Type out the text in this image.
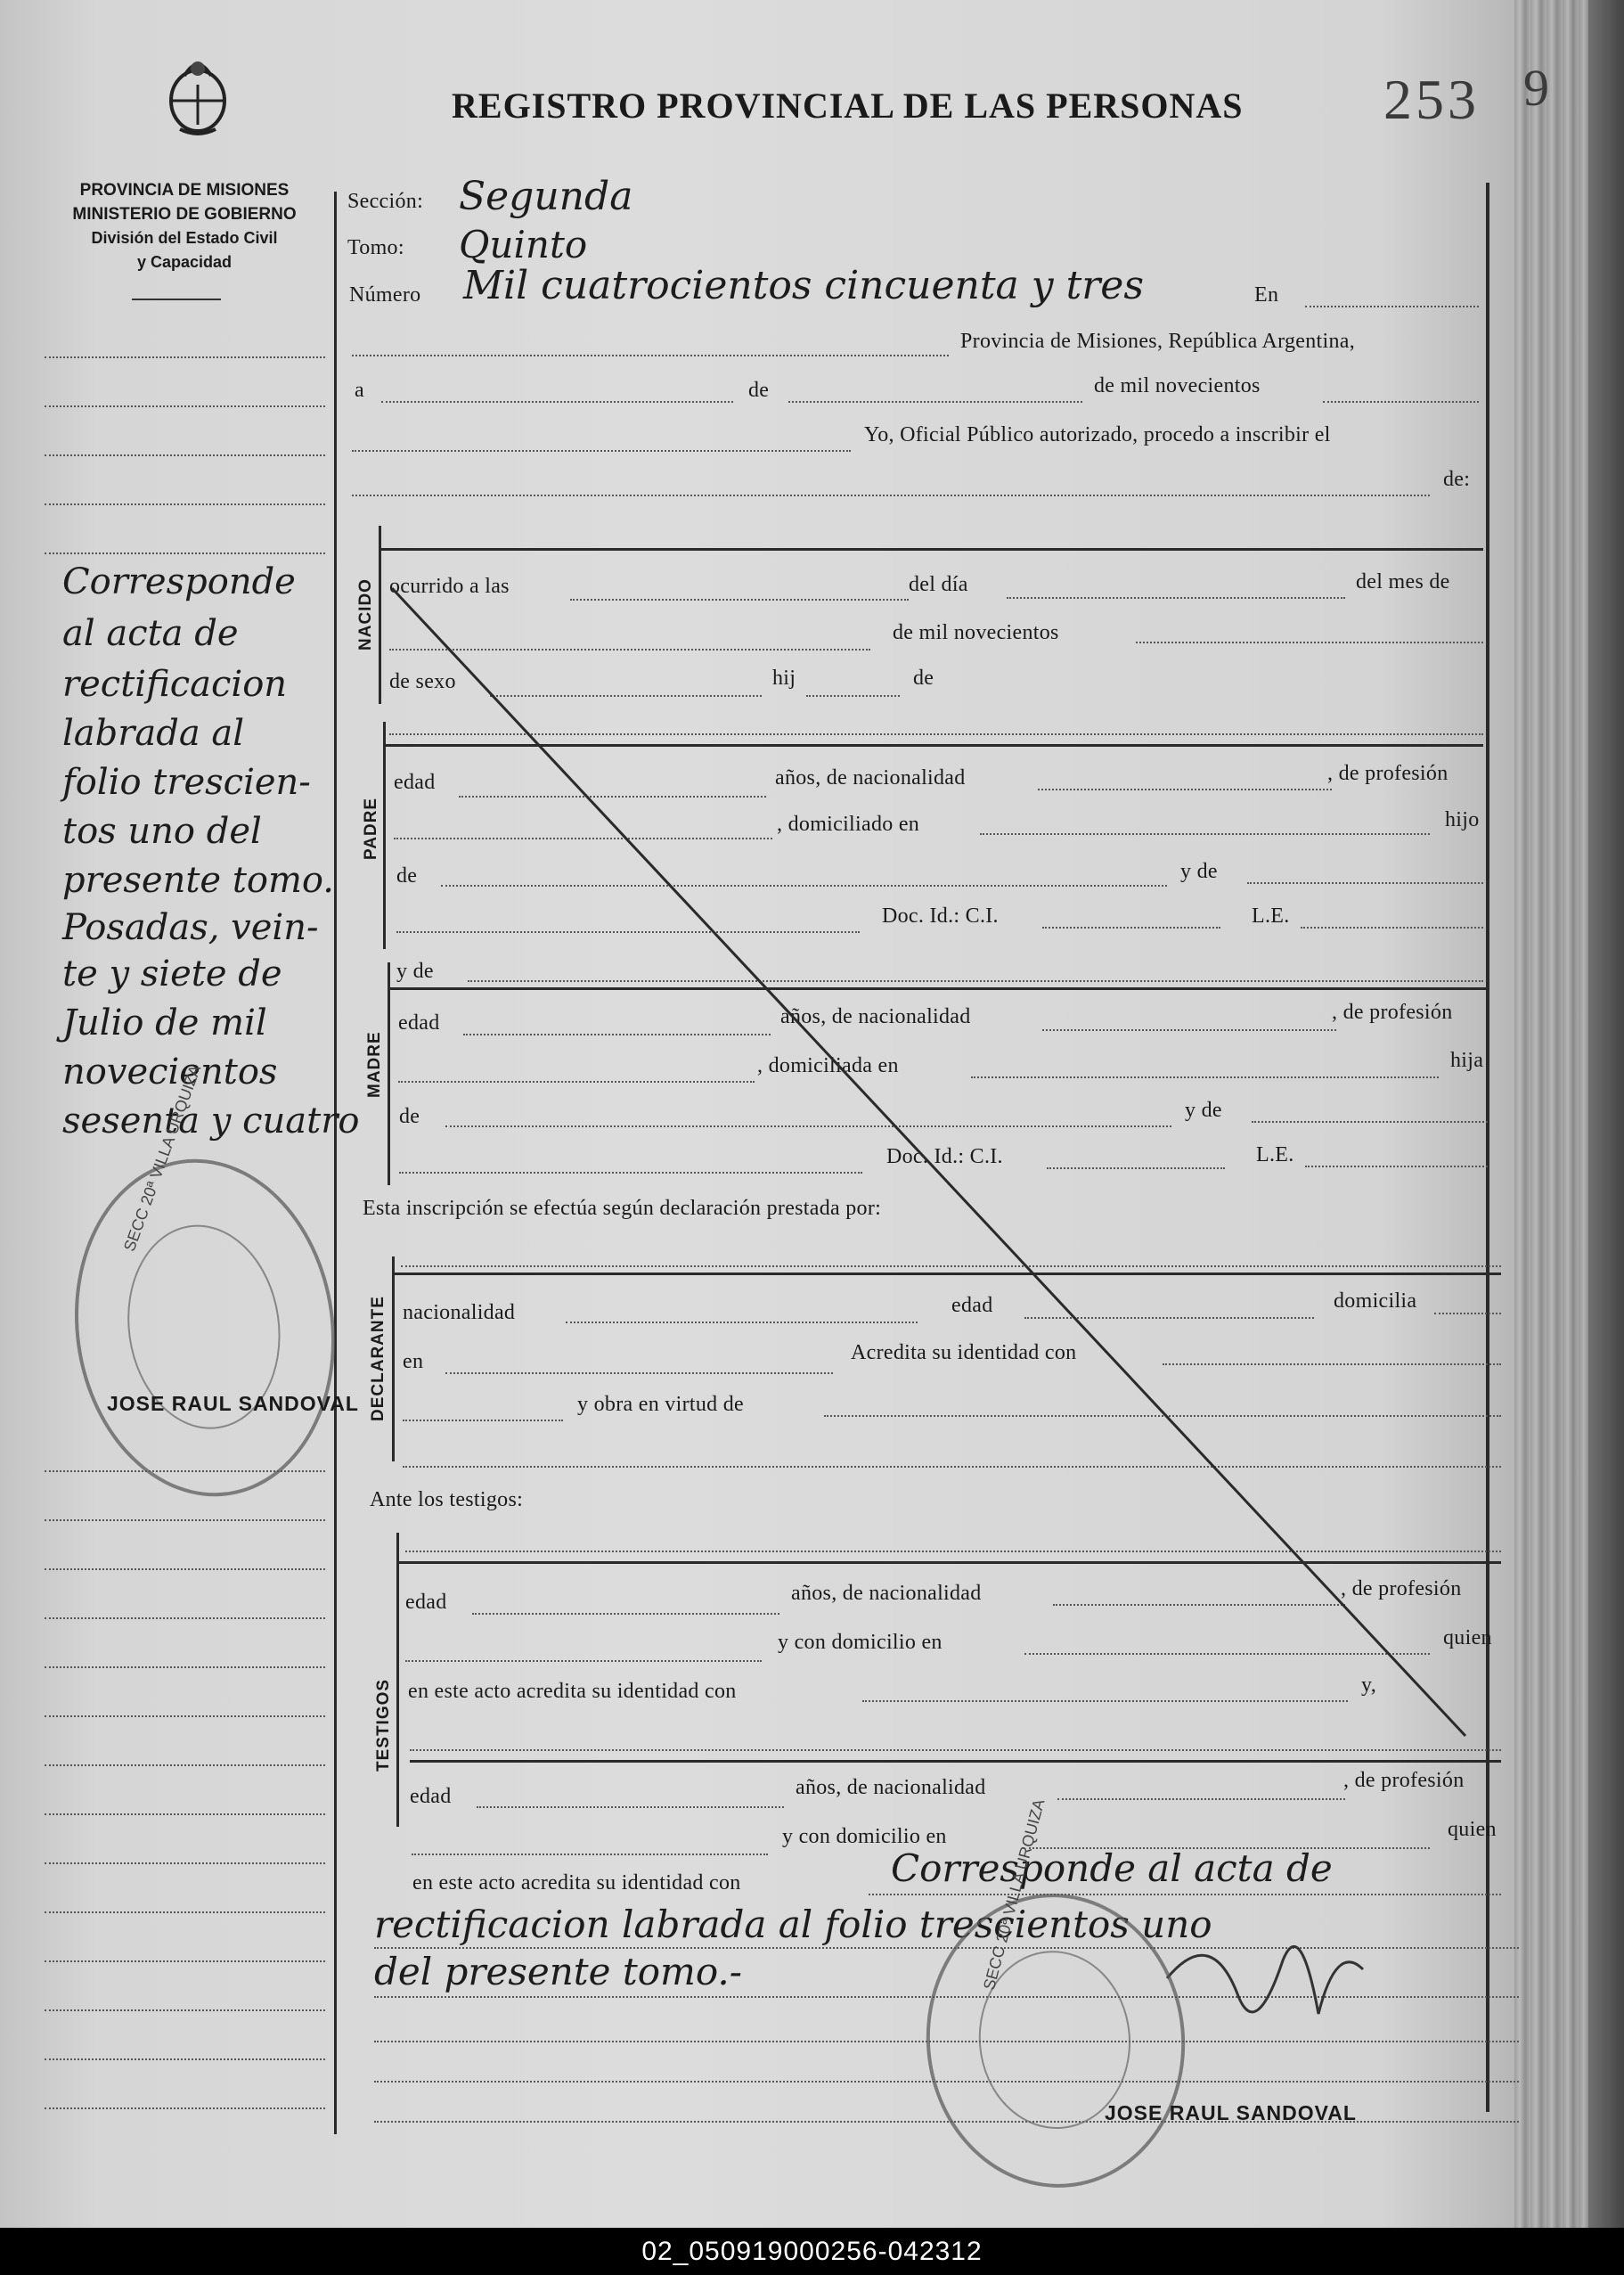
PROVINCIA DE MISIONES
MINISTERIO DE GOBIERNO
División del Estado Civil
y Capacidad
REGISTRO PROVINCIAL DE LAS PERSONAS 253 9
Sección: Segunda
Tomo: Quinto
Número Mil cuatrocientos cincuenta y tres	En
Provincia de Misiones, República Argentina,
a	de	de mil novecientos
Yo, Oficial Público autorizado, procedo a inscribir el
de:
NACIDO ocurrido a las	del día	del mes de
de mil novecientos
de sexo	hij	de
PADRE
edad	años, de nacionalidad	, de profesión
, domiciliado en	hijo
de	y de
Doc. Id.: C.I.	L.E.
y de
MADRE
edad	años, de nacionalidad	, de profesión
, domiciliada en	hija
de	y de
Doc. Id.: C.I.	L.E.
Esta inscripción se efectúa según declaración prestada por:
DECLARANTE nacionalidad	edad	domicilia
en	Acredita su identidad con
y obra en virtud de
Ante los testigos:
TESTIGOS
edad	años, de nacionalidad	, de profesión
y con domicilio en	quien
en este acto acredita su identidad con	y,
edad	años, de nacionalidad	, de profesión
y con domicilio en	quien
en este acto acredita su identidad con	Corresponde al acta de
rectificacion labrada al folio trescientos uno
del presente tomo.-
Corresponde
al acta de
rectificacion
labrada al
folio trescien-
tos uno del
presente tomo.
Posadas, vein-
te y siete de
Julio de mil
novecientos
sesenta y cuatro
SECC 20ª VILLA URQUIZA
JOSE RAUL SANDOVAL
SECC 20ª VILLA URQUIZA
JOSE RAUL SANDOVAL
02_050919000256-042312
